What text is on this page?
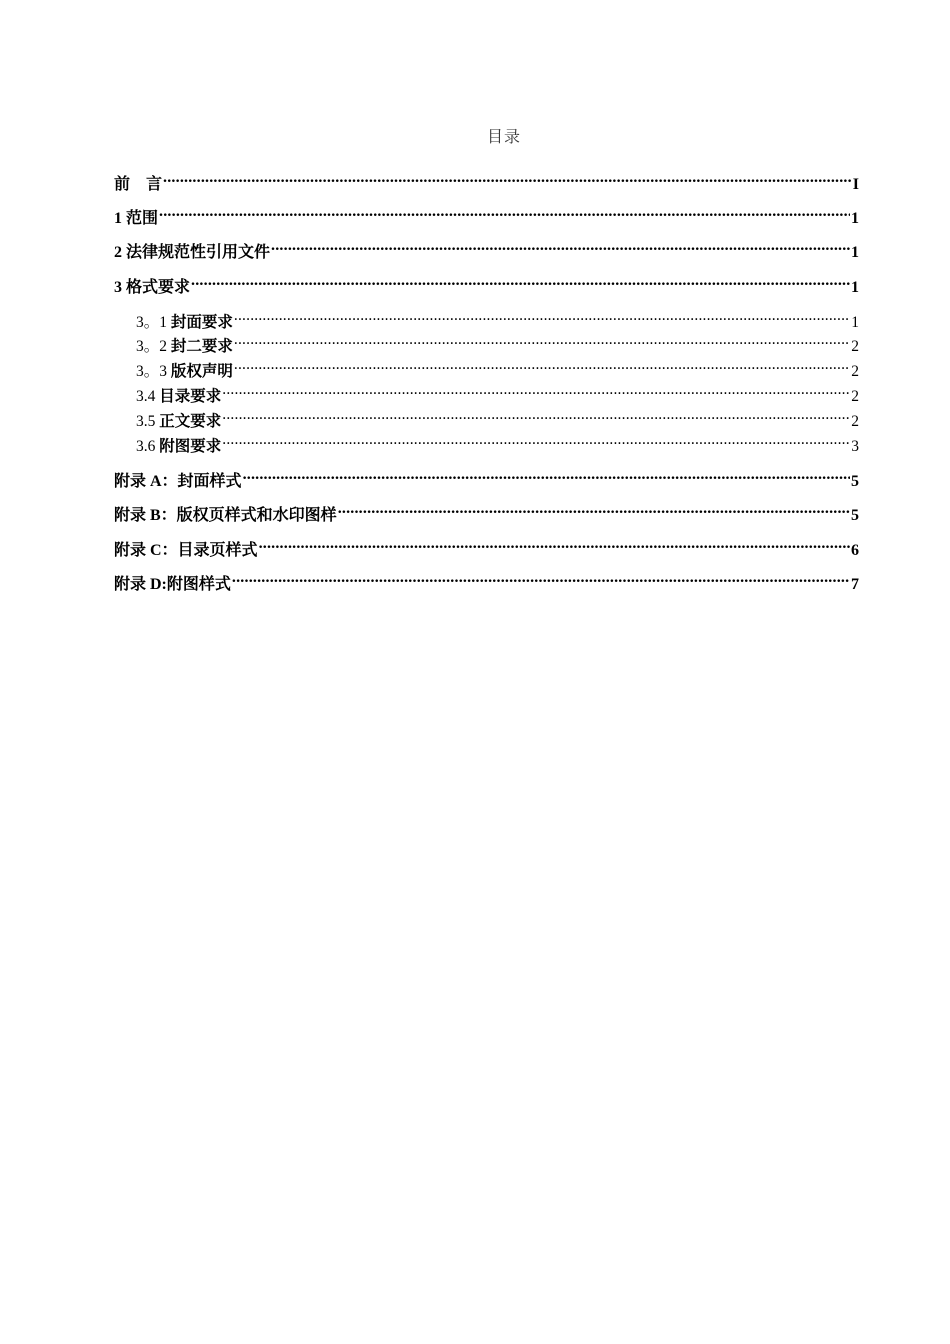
目录
前    言 .....	I
1 范围 .....	1
2 法律规范性引用文件 .....	1
3 格式要求 .....	1
3。1 封面要求 .....	1
3。2 封二要求 .....	2
3。3 版权声明 .....	2
3.4 目录要求 .....	2
3.5 正文要求 .....	2
3.6 附图要求 .....	3
附录 A：封面样式 .....	5
附录 B：版权页样式和水印图样 .....	5
附录 C：目录页样式 .....	6
附录 D:附图样式 .....	7
